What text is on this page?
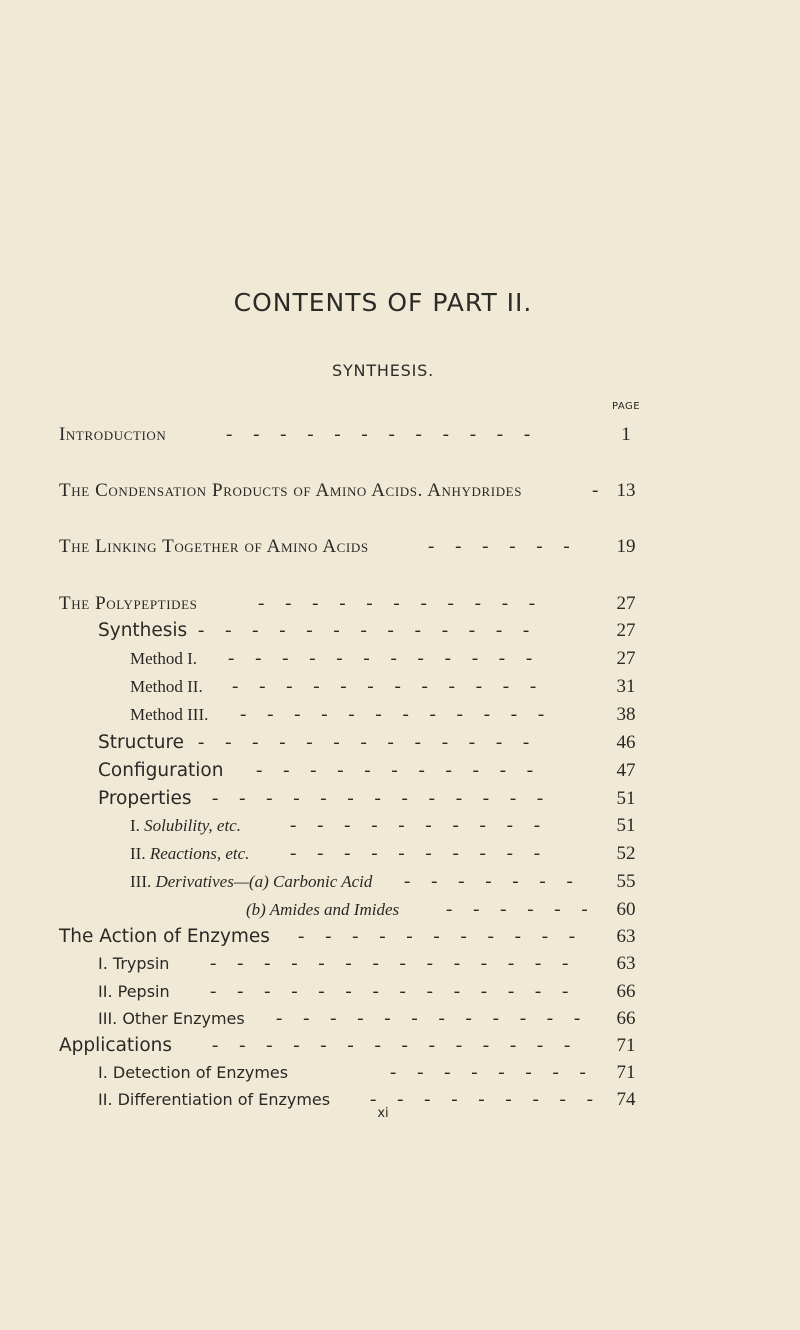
CONTENTS OF PART II.
SYNTHESIS.
PAGE
Introduction	- - - - - - - - - - - -	1
The Condensation Products of Amino Acids. Anhydrides	- 13
The Linking Together of Amino Acids	- - - - - -	19
The Polypeptides	- - - - - - - - - - -	27
Synthesis - - - - - - - - - - - - -	27
Method I. - - - - - - - - - - - -	27
Method II. - - - - - - - - - - - -	31
Method III. - - - - - - - - - - - -	38
Structure - - - - - - - - - - - - -	46
Configuration - - - - - - - - - - -	47
Properties - - - - - - - - - - - - -	51
I. Solubility, etc.	- - - - - - - - - -	51
II. Reactions, etc. - - - - - - - - - -	52
III. Derivatives—(a) Carbonic Acid - - - - - - -	55
(b) Amides and Imides - - - - - -	60
The Action of Enzymes - - - - - - - - - - -	63
I. Trypsin - - - - - - - - - - - - - -	63
II. Pepsin - - - - - - - - - - - - - -	66
III. Other Enzymes - - - - - - - - - - - -	66
Applications - - - - - - - - - - - - - -	71
I. Detection of Enzymes	- - - - - - - -	71
II. Differentiation of Enzymes - - - - - - - - - 74
xi
